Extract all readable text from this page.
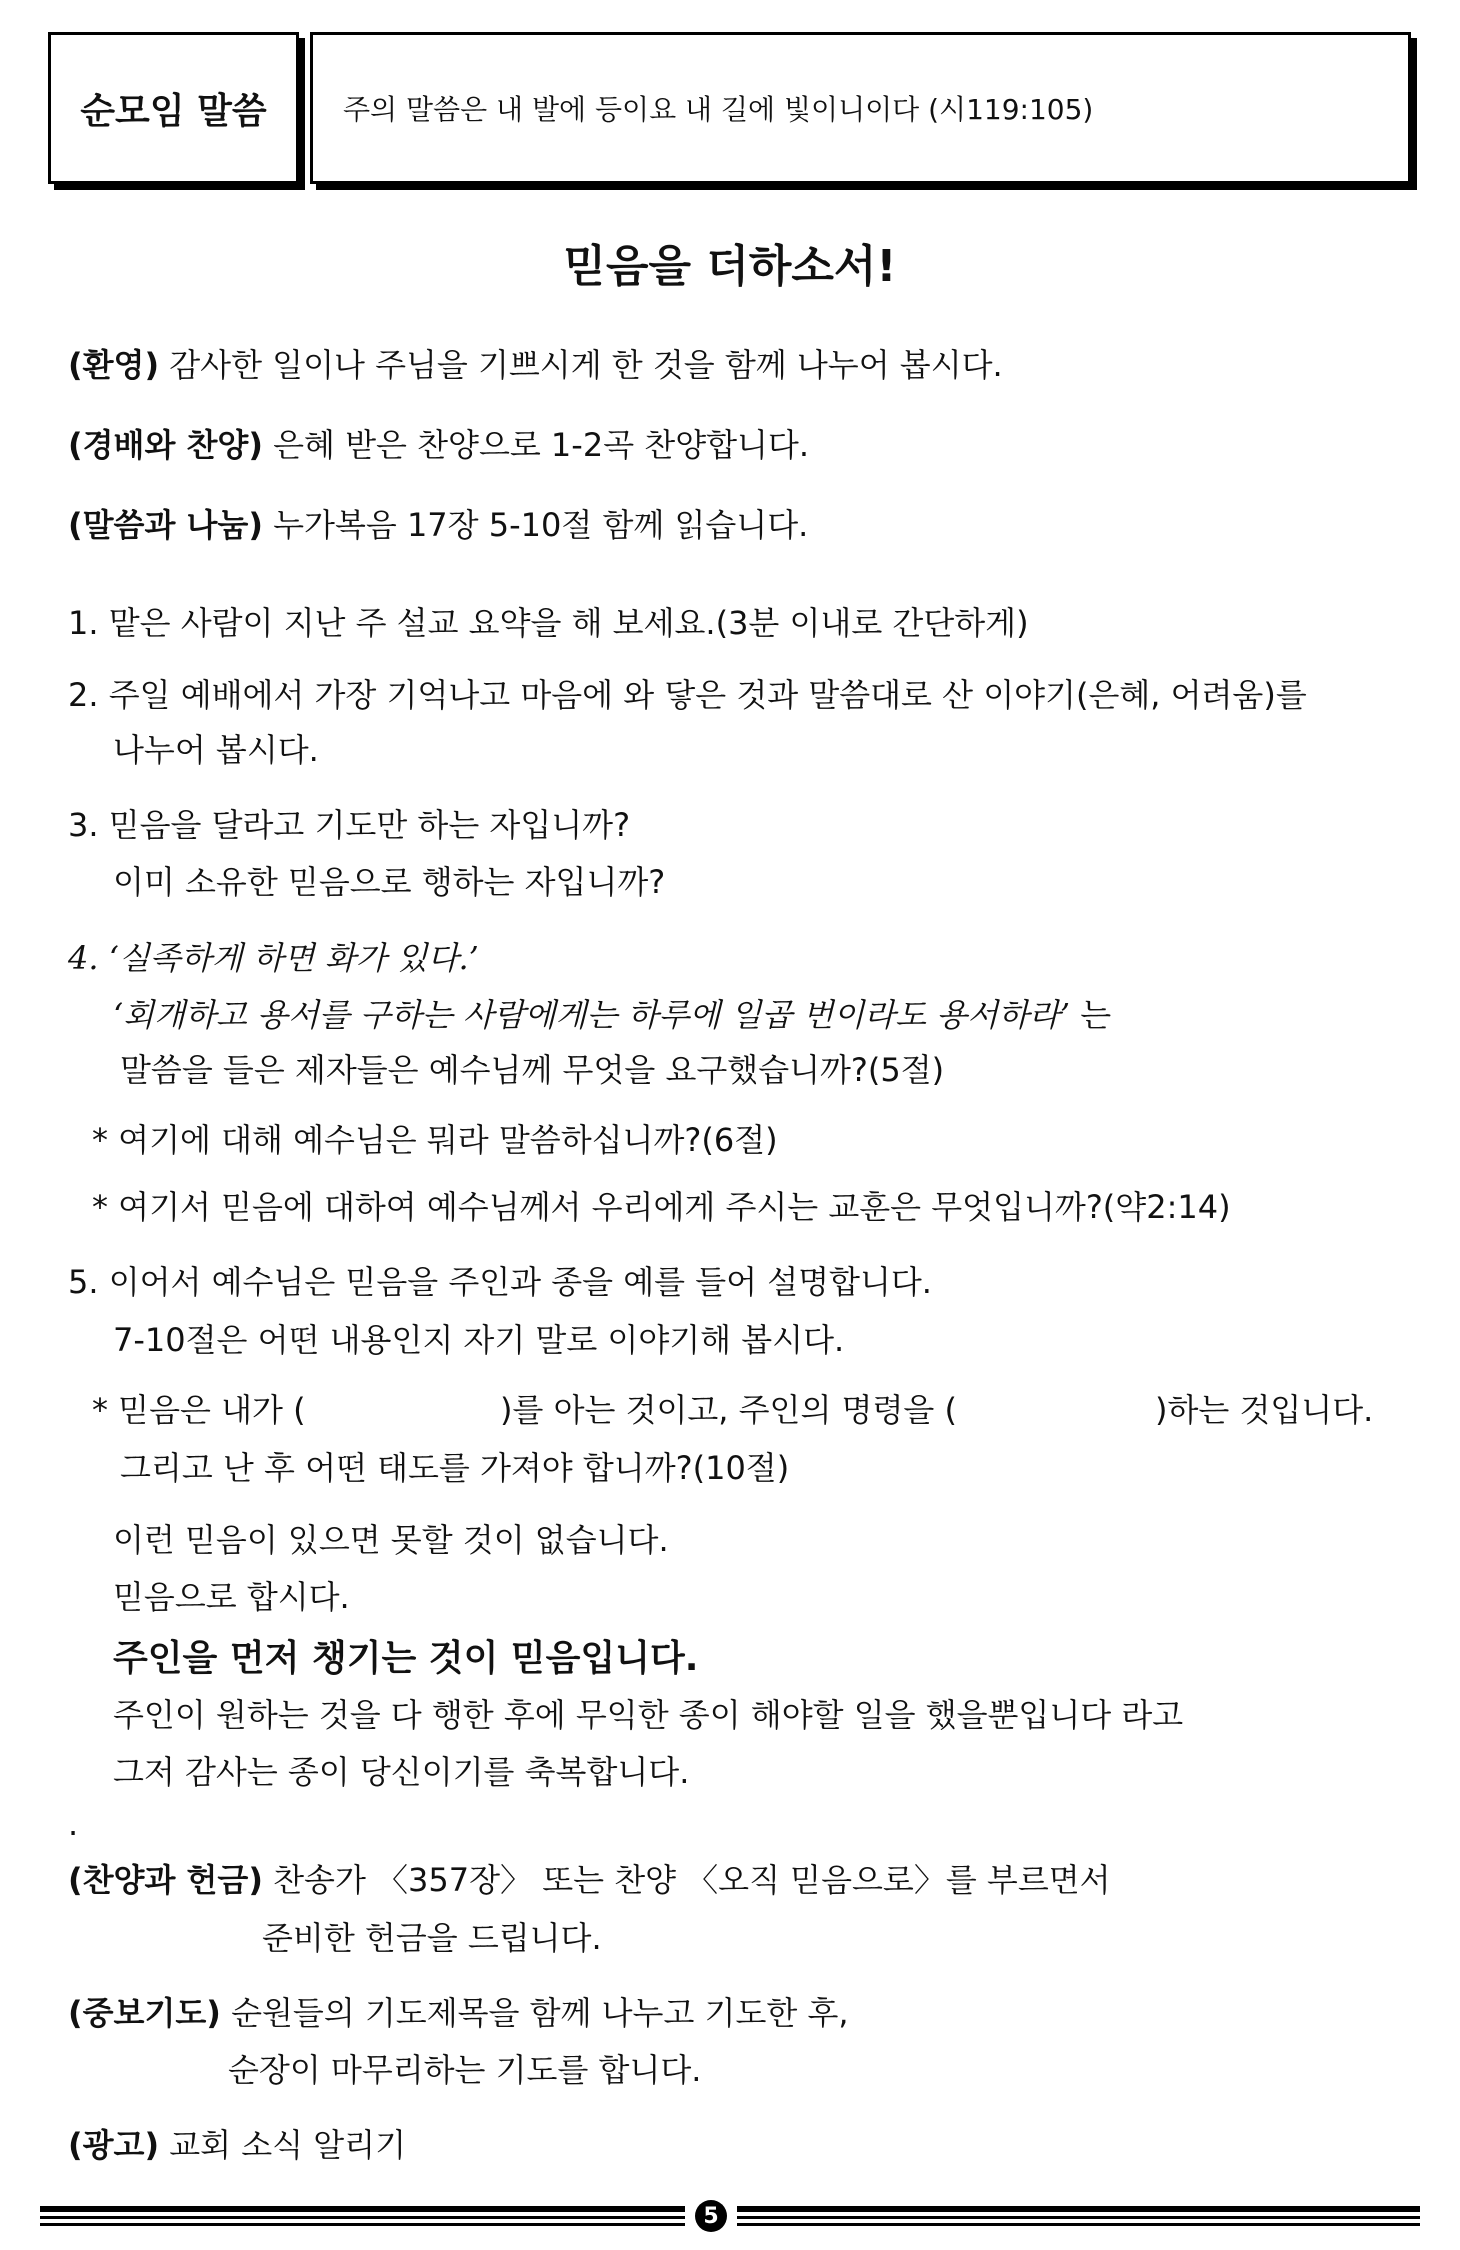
순모임 말씀	주의 말씀은 내 발에 등이요 내 길에 빛이니이다 (시119:105)
믿음을 더하소서!
(환영) 감사한 일이나 주님을 기쁘시게 한 것을 함께 나누어 봅시다.
(경배와 찬양) 은혜 받은 찬양으로 1-2곡 찬양합니다.
(말씀과 나눔) 누가복음 17장 5-10절 함께 읽습니다.
1. 맡은 사람이 지난 주 설교 요약을 해 보세요.(3분 이내로 간단하게)
2. 주일 예배에서 가장 기억나고 마음에 와 닿은 것과 말씀대로 산 이야기(은혜, 어려움)를
나누어 봅시다.
3. 믿음을 달라고 기도만 하는 자입니까?
이미 소유한 믿음으로 행하는 자입니까?
4. ‘실족하게 하면 화가 있다.’
‘회개하고 용서를 구하는 사람에게는 하루에 일곱 번이라도 용서하라’ 는
말씀을 들은 제자들은 예수님께 무엇을 요구했습니까?(5절)
* 여기에 대해 예수님은 뭐라 말씀하십니까?(6절)
* 여기서 믿음에 대하여 예수님께서 우리에게 주시는 교훈은 무엇입니까?(약2:14)
5. 이어서 예수님은 믿음을 주인과 종을 예를 들어 설명합니다.
7-10절은 어떤 내용인지 자기 말로 이야기해 봅시다.
* 믿음은 내가 (	)를 아는 것이고, 주인의 명령을 (	)하는 것입니다.
그리고 난 후 어떤 태도를 가져야 합니까?(10절)
이런 믿음이 있으면 못할 것이 없습니다.
믿음으로 합시다.
주인을 먼저 챙기는 것이 믿음입니다.
주인이 원하는 것을 다 행한 후에 무익한 종이 해야할 일을 했을뿐입니다 라고
그저 감사는 종이 당신이기를 축복합니다.
.
(찬양과 헌금) 찬송가 〈357장〉 또는 찬양 〈오직 믿음으로〉를 부르면서
준비한 헌금을 드립니다.
(중보기도) 순원들의 기도제목을 함께 나누고 기도한 후,
순장이 마무리하는 기도를 합니다.
(광고) 교회 소식 알리기
5
